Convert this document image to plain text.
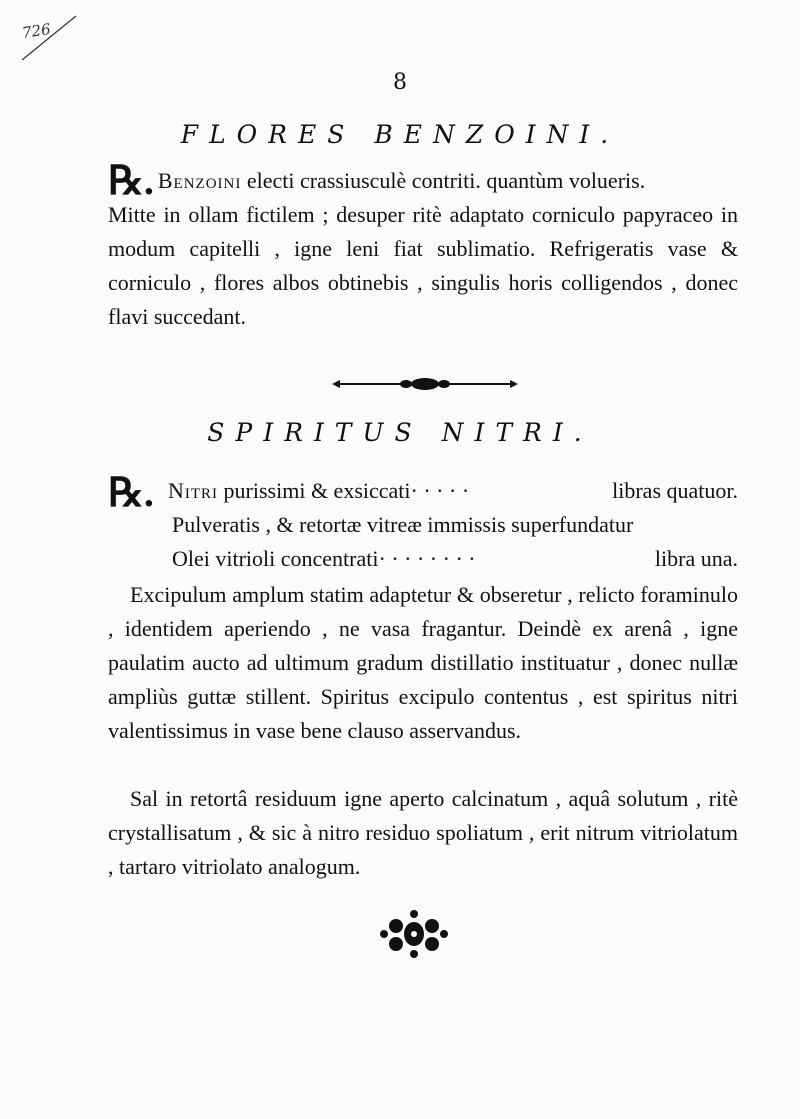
726
8
FLORES BENZOINI.

℞. Benzoini electi crassiusculè contriti. quantùm volueris.

Mitte in ollam fictilem ; desuper ritè adaptato corniculo papyraceo in modum capitelli , igne leni fiat sublimatio. Refrigeratis vase & corniculo , flores albos obtinebis , singulis horis colligendos , donec flavi succedant.

SPIRITUS NITRI.
℞. Nitri purissimi & exsiccati· · · · ·	libras quatuor.
Pulveratis , & retortæ vitreæ immissis superfundatur
Olei vitrioli concentrati· · · · · · · ·	libra una.
Excipulum amplum statim adaptetur & obseretur , relicto foraminulo , identidem aperiendo , ne vasa fragantur. Deindè ex arenâ , igne paulatim aucto ad ultimum gradum distillatio instituatur , donec nullæ ampliùs guttæ stillent. Spiritus excipulo contentus , est spiritus nitri valentissimus in vase bene clauso asservandus.
Sal in retortâ residuum igne aperto calcinatum , aquâ solutum , ritè crystallisatum , & sic à nitro residuo spoliatum , erit nitrum vitriolatum , tartaro vitriolato analogum.
